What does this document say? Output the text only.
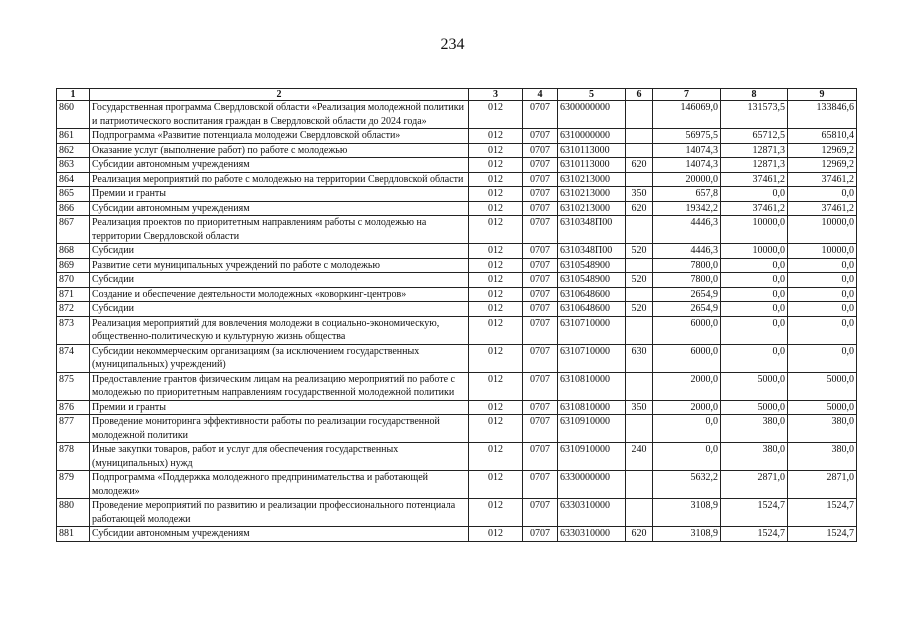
234
1	2	3	4	5	6	7	8	9
860	Государственная программа Свердловской области «Реализация молодежной политики и патриотического воспитания граждан в Свердловской области до 2024 года»	012	0707	6300000000		146069,0	131573,5	133846,6
861	Подпрограмма «Развитие потенциала молодежи Свердловской области»	012	0707	6310000000		56975,5	65712,5	65810,4
862	Оказание услуг (выполнение работ) по работе с молодежью	012	0707	6310113000		14074,3	12871,3	12969,2
863	Субсидии автономным учреждениям	012	0707	6310113000	620	14074,3	12871,3	12969,2
864	Реализация мероприятий по работе с молодежью на территории Свердловской области	012	0707	6310213000		20000,0	37461,2	37461,2
865	Премии и гранты	012	0707	6310213000	350	657,8	0,0	0,0
866	Субсидии автономным учреждениям	012	0707	6310213000	620	19342,2	37461,2	37461,2
867	Реализация проектов по приоритетным направлениям работы с молодежью на территории Свердловской области	012	0707	6310348П00		4446,3	10000,0	10000,0
868	Субсидии	012	0707	6310348П00	520	4446,3	10000,0	10000,0
869	Развитие сети муниципальных учреждений по работе с молодежью	012	0707	6310548900		7800,0	0,0	0,0
870	Субсидии	012	0707	6310548900	520	7800,0	0,0	0,0
871	Создание и обеспечение деятельности молодежных «коворкинг-центров»	012	0707	6310648600		2654,9	0,0	0,0
872	Субсидии	012	0707	6310648600	520	2654,9	0,0	0,0
873	Реализация мероприятий для вовлечения молодежи в социально-экономическую, общественно-политическую и культурную жизнь общества	012	0707	6310710000		6000,0	0,0	0,0
874	Субсидии некоммерческим организациям (за исключением государственных (муниципальных) учреждений)	012	0707	6310710000	630	6000,0	0,0	0,0
875	Предоставление грантов физическим лицам на реализацию мероприятий по работе с молодежью по приоритетным направлениям государственной молодежной политики	012	0707	6310810000		2000,0	5000,0	5000,0
876	Премии и гранты	012	0707	6310810000	350	2000,0	5000,0	5000,0
877	Проведение мониторинга эффективности работы по реализации государственной молодежной политики	012	0707	6310910000		0,0	380,0	380,0
878	Иные закупки товаров, работ и услуг для обеспечения государственных (муниципальных) нужд	012	0707	6310910000	240	0,0	380,0	380,0
879	Подпрограмма «Поддержка молодежного предпринимательства и работающей молодежи»	012	0707	6330000000		5632,2	2871,0	2871,0
880	Проведение мероприятий по развитию и реализации профессионального потенциала работающей молодежи	012	0707	6330310000		3108,9	1524,7	1524,7
881	Субсидии автономным учреждениям	012	0707	6330310000	620	3108,9	1524,7	1524,7
